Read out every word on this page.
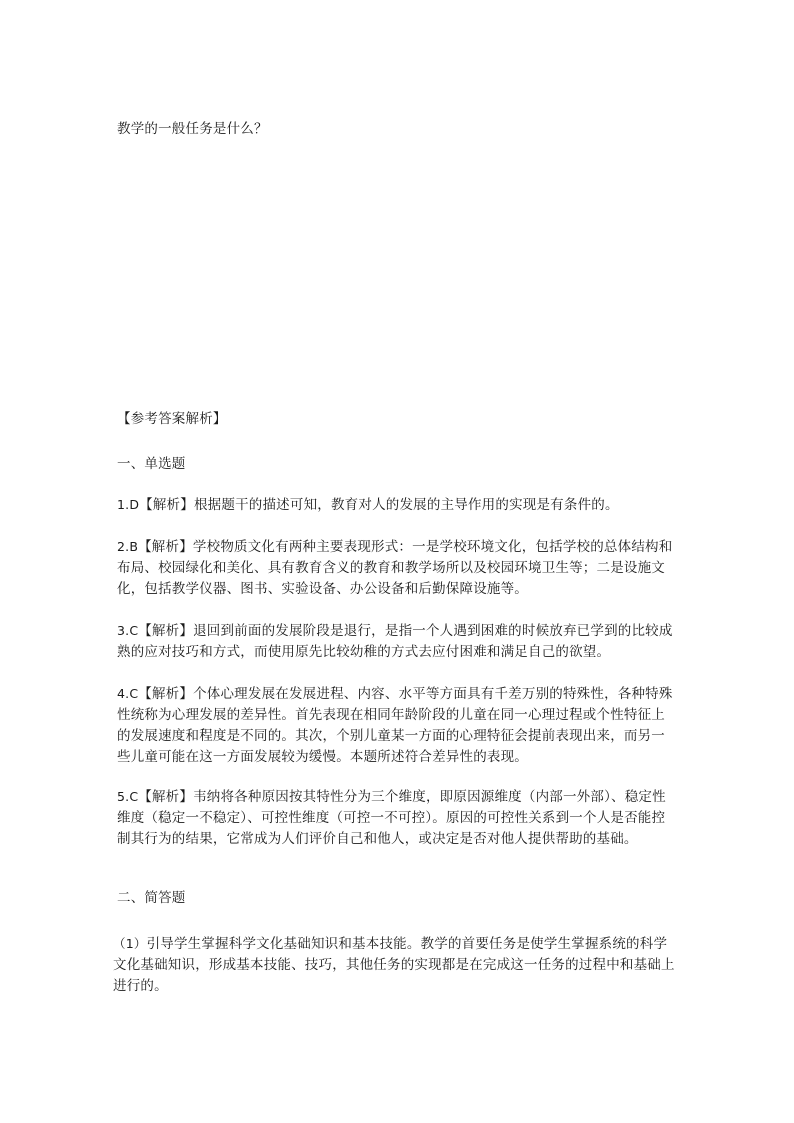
教学的一般任务是什么？

【参考答案解析】

一、单选题

1.D【解析】根据题干的描述可知，教育对人的发展的主导作用的实现是有条件的。

2.B【解析】学校物质文化有两种主要表现形式：一是学校环境文化，包括学校的总体结构和布局、校园绿化和美化、具有教育含义的教育和教学场所以及校园环境卫生等；二是设施文化，包括教学仪器、图书、实验设备、办公设备和后勤保障设施等。

3.C【解析】退回到前面的发展阶段是退行，是指一个人遇到困难的时候放弃已学到的比较成熟的应对技巧和方式，而使用原先比较幼稚的方式去应付困难和满足自己的欲望。

4.C【解析】个体心理发展在发展进程、内容、水平等方面具有千差万别的特殊性，各种特殊性统称为心理发展的差异性。首先表现在相同年龄阶段的儿童在同一心理过程或个性特征上的发展速度和程度是不同的。其次，个别儿童某一方面的心理特征会提前表现出来，而另一些儿童可能在这一方面发展较为缓慢。本题所述符合差异性的表现。

5.C【解析】韦纳将各种原因按其特性分为三个维度，即原因源维度（内部一外部）、稳定性维度（稳定一不稳定）、可控性维度（可控一不可控）。原因的可控性关系到一个人是否能控制其行为的结果，它常成为人们评价自己和他人，或决定是否对他人提供帮助的基础。

二、简答题

（1）引导学生掌握科学文化基础知识和基本技能。教学的首要任务是使学生掌握系统的科学文化基础知识，形成基本技能、技巧，其他任务的实现都是在完成这一任务的过程中和基础上进行的。
